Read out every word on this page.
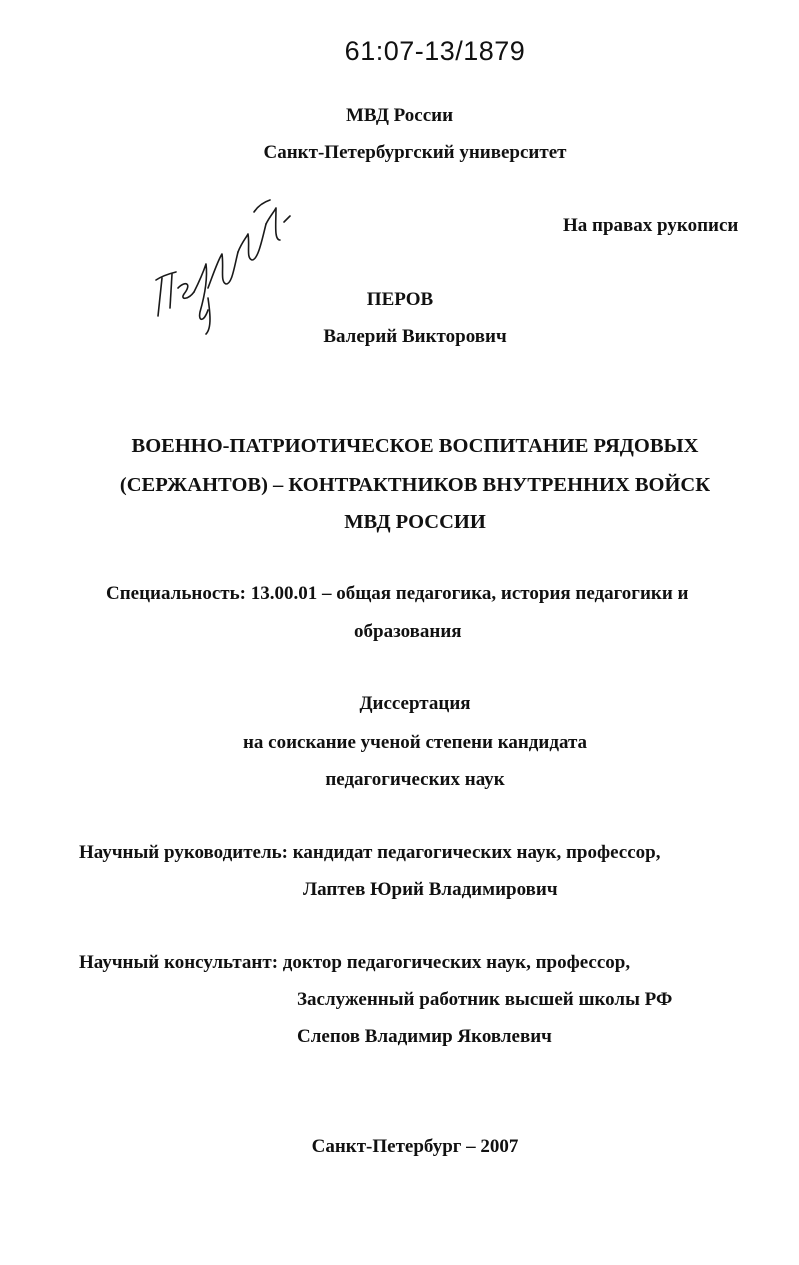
61:07-13/1879
МВД России
Санкт-Петербургский университет
На правах рукописи
ПЕРОВ
Валерий Викторович
ВОЕННО-ПАТРИОТИЧЕСКОЕ ВОСПИТАНИЕ РЯДОВЫХ
(СЕРЖАНТОВ) – КОНТРАКТНИКОВ ВНУТРЕННИХ ВОЙСК
МВД РОССИИ
Специальность: 13.00.01 – общая педагогика, история педагогики и
образования
Диссертация
на соискание ученой степени кандидата
педагогических наук
Научный руководитель: кандидат педагогических наук, профессор,
Лаптев Юрий Владимирович
Научный консультант: доктор педагогических наук, профессор,
Заслуженный работник высшей школы РФ
Слепов Владимир Яковлевич
Санкт-Петербург – 2007
